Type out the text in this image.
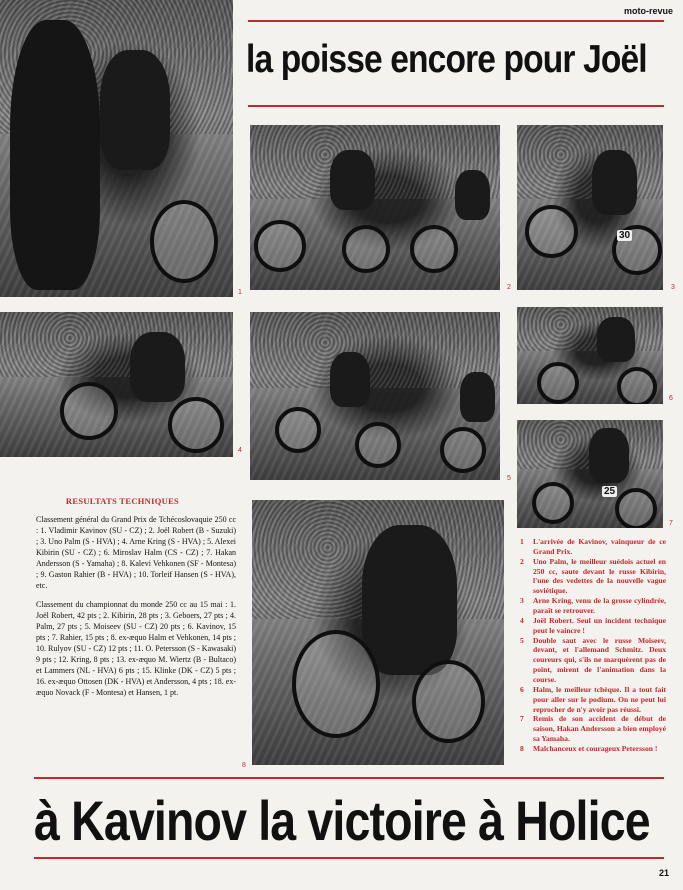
moto-revue
la poisse encore pour Joël
1
2
30
3
4
5
6
25
7
8
RESULTATS TECHNIQUES

Classement général du Grand Prix de Tchécoslovaquie 250 cc : 1. Vladimir Kavinov (SU - CZ) ; 2. Joël Robert (B - Suzuki) ; 3. Uno Palm (S - HVA) ; 4. Arne Kring (S - HVA) ; 5. Alexei Kibirin (SU - CZ) ; 6. Miroslav Halm (CS - CZ) ; 7. Hakan Andersson (S - Yamaha) ; 8. Kalevi Vehkonen (SF - Montesa) ; 9. Gaston Rahier (B - HVA) ; 10. Torleif Hansen (S - HVA), etc.

Classement du championnat du monde 250 cc au 15 mai : 1. Joël Robert, 42 pts ; 2. Kibirin, 28 pts ; 3. Geboers, 27 pts ; 4. Palm, 27 pts ; 5. Moiseev (SU - CZ) 20 pts ; 6. Kavinov, 15 pts ; 7. Rahier, 15 pts ; 8. ex-æquo Halm et Vehkonen, 14 pts ; 10. Rulyov (SU - CZ) 12 pts ; 11. O. Petersson (S - Kawasaki) 9 pts ; 12. Kring, 8 pts ; 13. ex-æquo M. Wiertz (B - Bultaco) et Lammers (NL - HVA) 6 pts ; 15. Klinke (DK - CZ) 5 pts ; 16. ex-æquo Ottosen (DK - HVA) et Andersson, 4 pts ; 18. ex-æquo Novack (F - Montesa) et Hansen, 1 pt.

1	L'arrivée de Kavinov, vainqueur de ce Grand Prix.
2	Uno Palm, le meilleur suédois actuel en 250 cc, saute devant le russe Kibirin, l'une des vedettes de la nouvelle vague soviétique.
3	Arne Kring, venu de la grosse cylindrée, paraît se retrouver.
4	Joël Robert. Seul un incident technique peut le vaincre !
5	Double saut avec le russe Moiseev, devant, et l'allemand Schmitz. Deux coureurs qui, s'ils ne marquèrent pas de point, mirent de l'animation dans la course.
6	Halm, le meilleur tchèque. Il a tout fait pour aller sur le podium. On ne peut lui reprocher de n'y avoir pas réussi.
7	Remis de son accident de début de saison, Hakan Andersson a bien employé sa Yamaha.
8	Malchanceux et courageux Petersson !
à Kavinov la victoire à Holice
21
